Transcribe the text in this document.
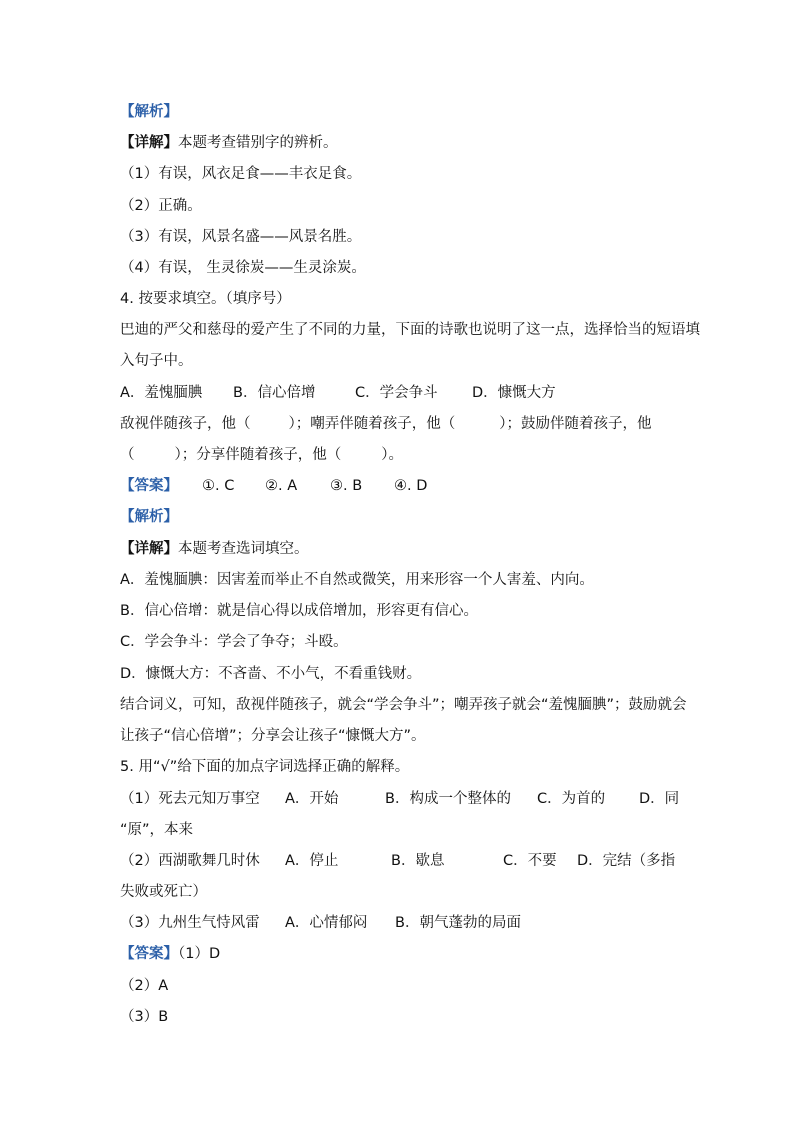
【解析】
【详解】本题考查错别字的辨析。
（1）有误，风衣足食——丰衣足食。
（2）正确。
（3）有误，风景名盛——风景名胜。
（4）有误， 生灵徐炭——生灵涂炭。
4. 按要求填空。（填序号）
巴迪的严父和慈母的爱产生了不同的力量，下面的诗歌也说明了这一点，选择恰当的短语填
入句子中。
A．羞愧腼腆 B．信心倍增	C．学会争斗 D．慷慨大方
敌视伴随孩子，他（	）；嘲弄伴随着孩子，他（	）；鼓励伴随着孩子，他
（	）；分享伴随着孩子，他（	）。
【答案】 ①. C ②. A ③. B ④. D
【解析】
【详解】本题考查选词填空。
A．羞愧腼腆：因害羞而举止不自然或微笑，用来形容一个人害羞、内向。
B．信心倍增：就是信心得以成倍增加，形容更有信心。
C．学会争斗：学会了争夺；斗殴。
D．慷慨大方：不吝啬、不小气，不看重钱财。
结合词义，可知，敌视伴随孩子，就会“学会争斗”；嘲弄孩子就会“羞愧腼腆”；鼓励就会
让孩子“信心倍增”；分享会让孩子“慷慨大方”。
5. 用“√”给下面的加点字词选择正确的解释。
（1）死去元知万事空 A．开始	B．构成一个整体的 C．为首的 D．同
“原”，本来
（2）西湖歌舞几时休 A．停止	B．歇息	C．不要 D．完结（多指
失败或死亡）
（3）九州生气恃风雷 A．心情郁闷 B．朝气蓬勃的局面
【答案】（1）D
（2）A
（3）B
